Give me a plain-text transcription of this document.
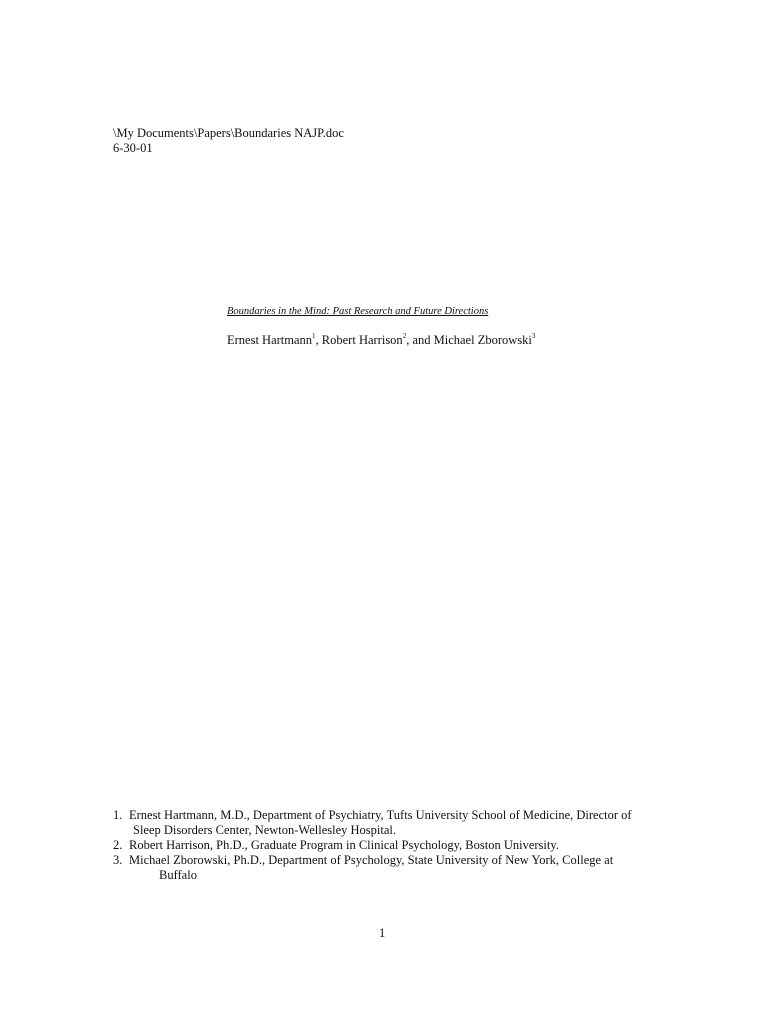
\My Documents\Papers\Boundaries NAJP.doc
6-30-01
Boundaries in the Mind: Past Research and Future Directions
Ernest Hartmann$^1$, Robert Harrison$^2$, and Michael Zborowski$^3$
1. Ernest Hartmann, M.D., Department of Psychiatry, Tufts University School of Medicine, Director of
Sleep Disorders Center, Newton-Wellesley Hospital.
2. Robert Harrison, Ph.D., Graduate Program in Clinical Psychology, Boston University.
3. Michael Zborowski, Ph.D., Department of Psychology, State University of New York, College at
Buffalo
1
